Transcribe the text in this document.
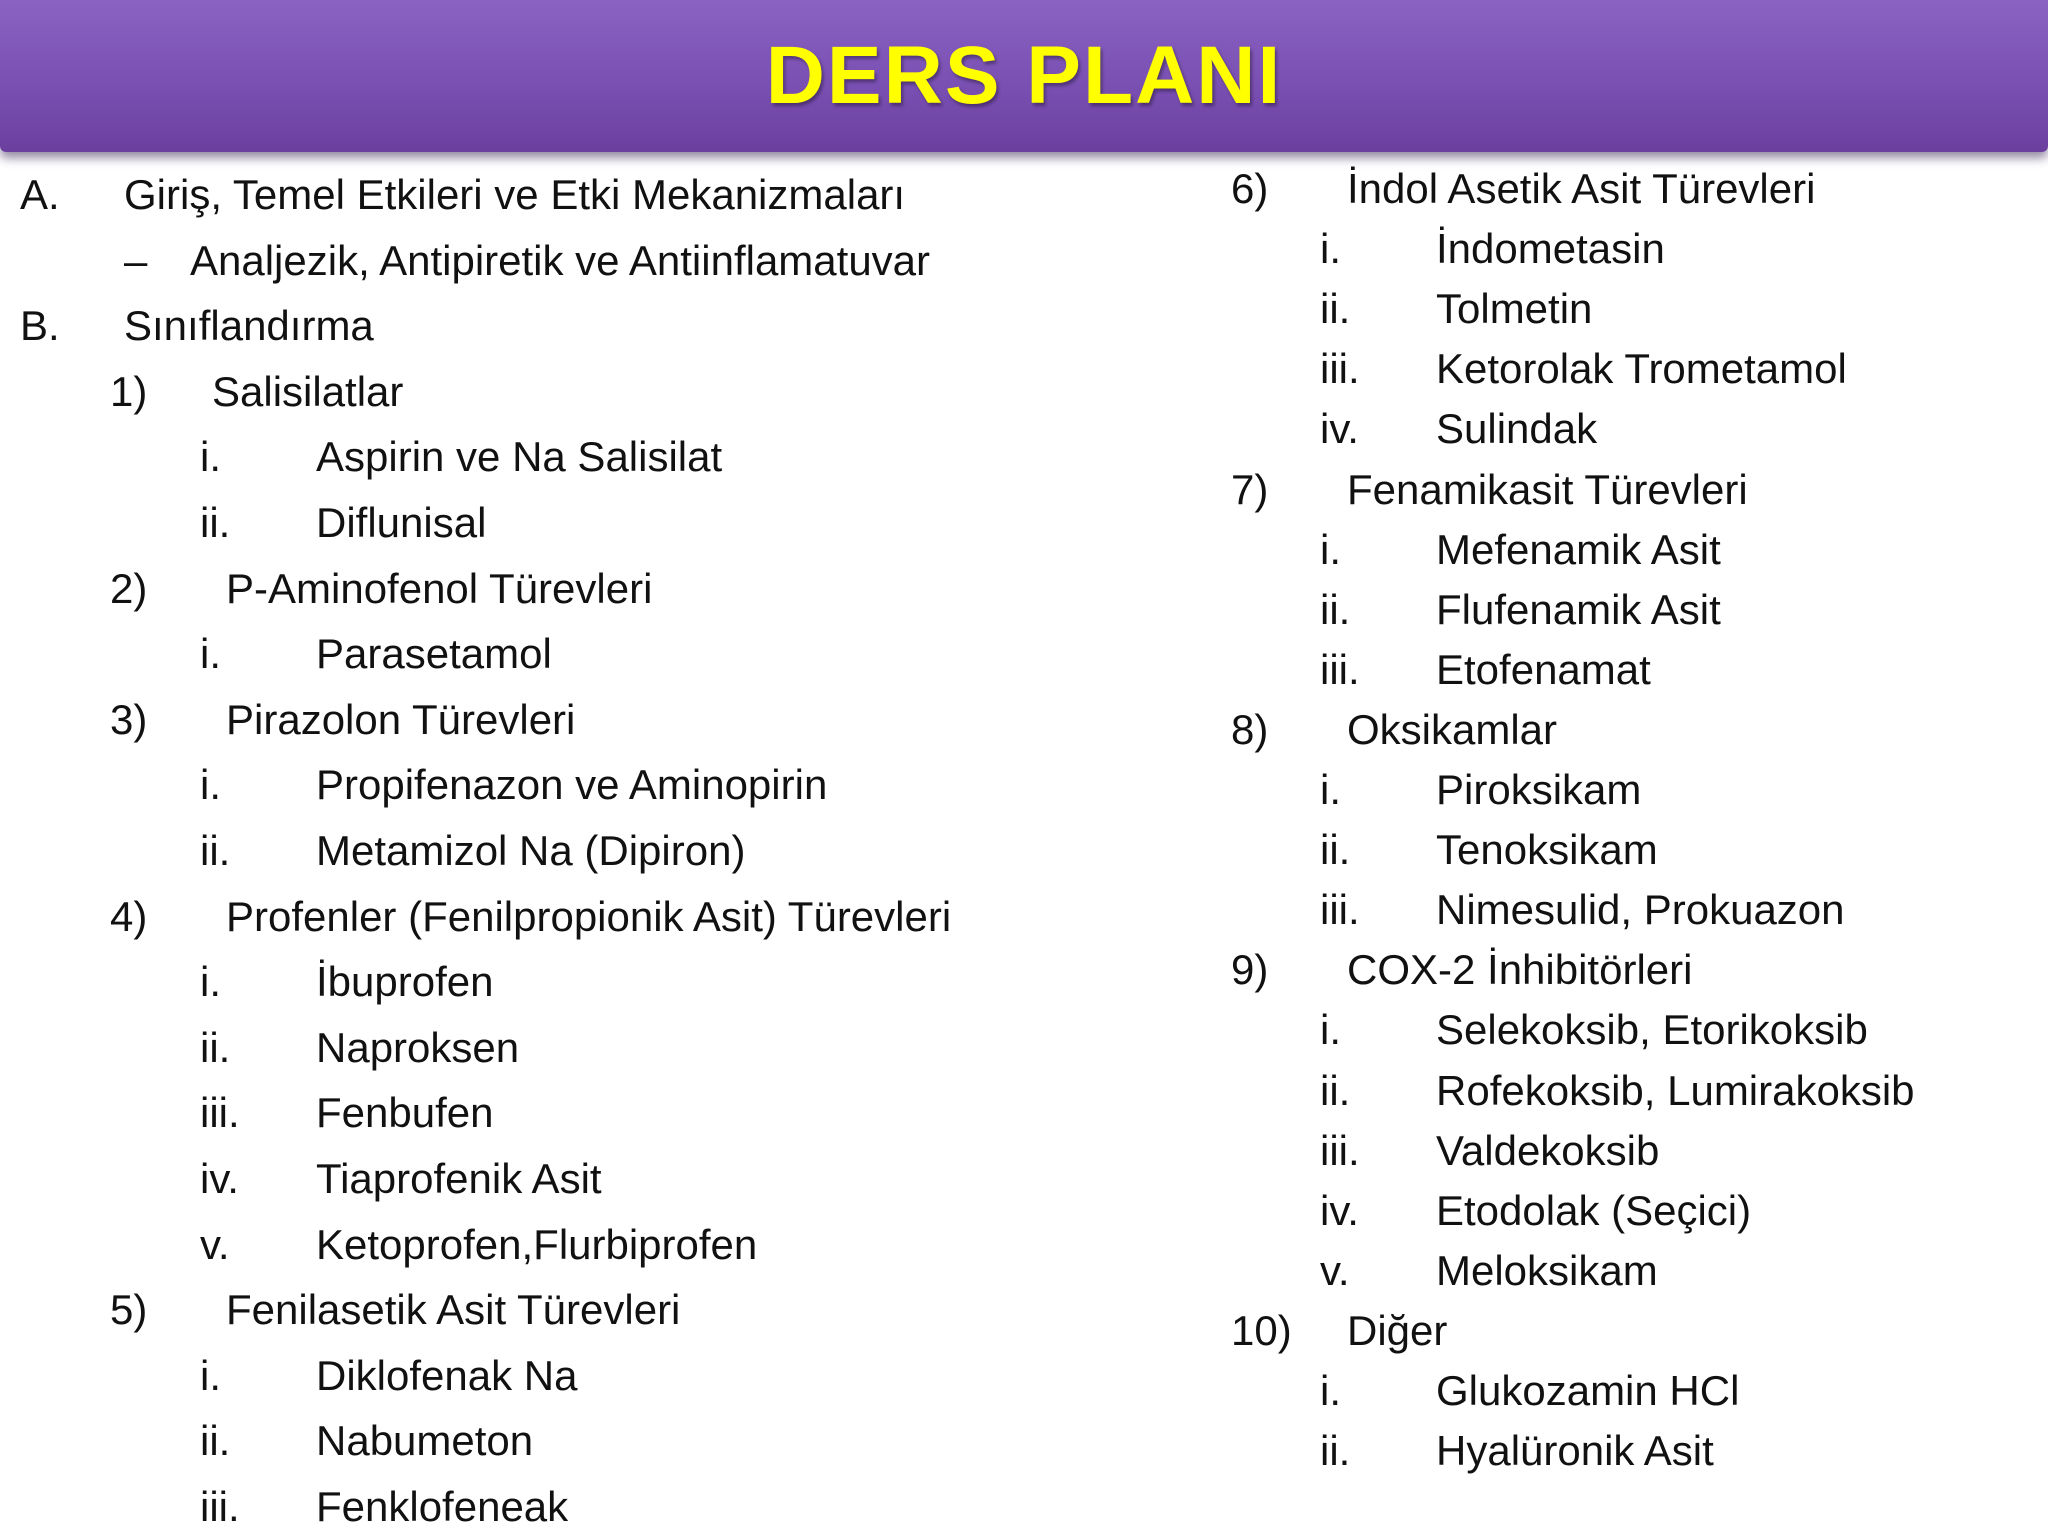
DERS PLANI
A. Giriş, Temel Etkileri ve Etki Mekanizmaları
– Analjezik, Antipiretik ve Antiinflamatuvar
B. Sınıflandırma
1) Salisilatlar
i. Aspirin ve Na Salisilat
ii. Diflunisal
2) P-Aminofenol Türevleri
i. Parasetamol
3) Pirazolon Türevleri
i. Propifenazon ve Aminopirin
ii. Metamizol Na (Dipiron)
4) Profenler (Fenilpropionik Asit) Türevleri
i. İbuprofen
ii. Naproksen
iii. Fenbufen
iv. Tiaprofenik Asit
v. Ketoprofen,Flurbiprofen
5) Fenilasetik Asit Türevleri
i. Diklofenak Na
ii. Nabumeton
iii. Fenklofeneak
6) İndol Asetik Asit Türevleri
i. İndometasin
ii. Tolmetin
iii. Ketorolak Trometamol
iv. Sulindak
7) Fenamikasit Türevleri
i. Mefenamik Asit
ii. Flufenamik Asit
iii. Etofenamat
8) Oksikamlar
i. Piroksikam
ii. Tenoksikam
iii. Nimesulid, Prokuazon
9) COX-2 İnhibitörleri
i. Selekoksib, Etorikoksib
ii. Rofekoksib, Lumirakoksib
iii. Valdekoksib
iv. Etodolak (Seçici)
v. Meloksikam
10) Diğer
i. Glukozamin HCl
ii. Hyalüronik Asit
